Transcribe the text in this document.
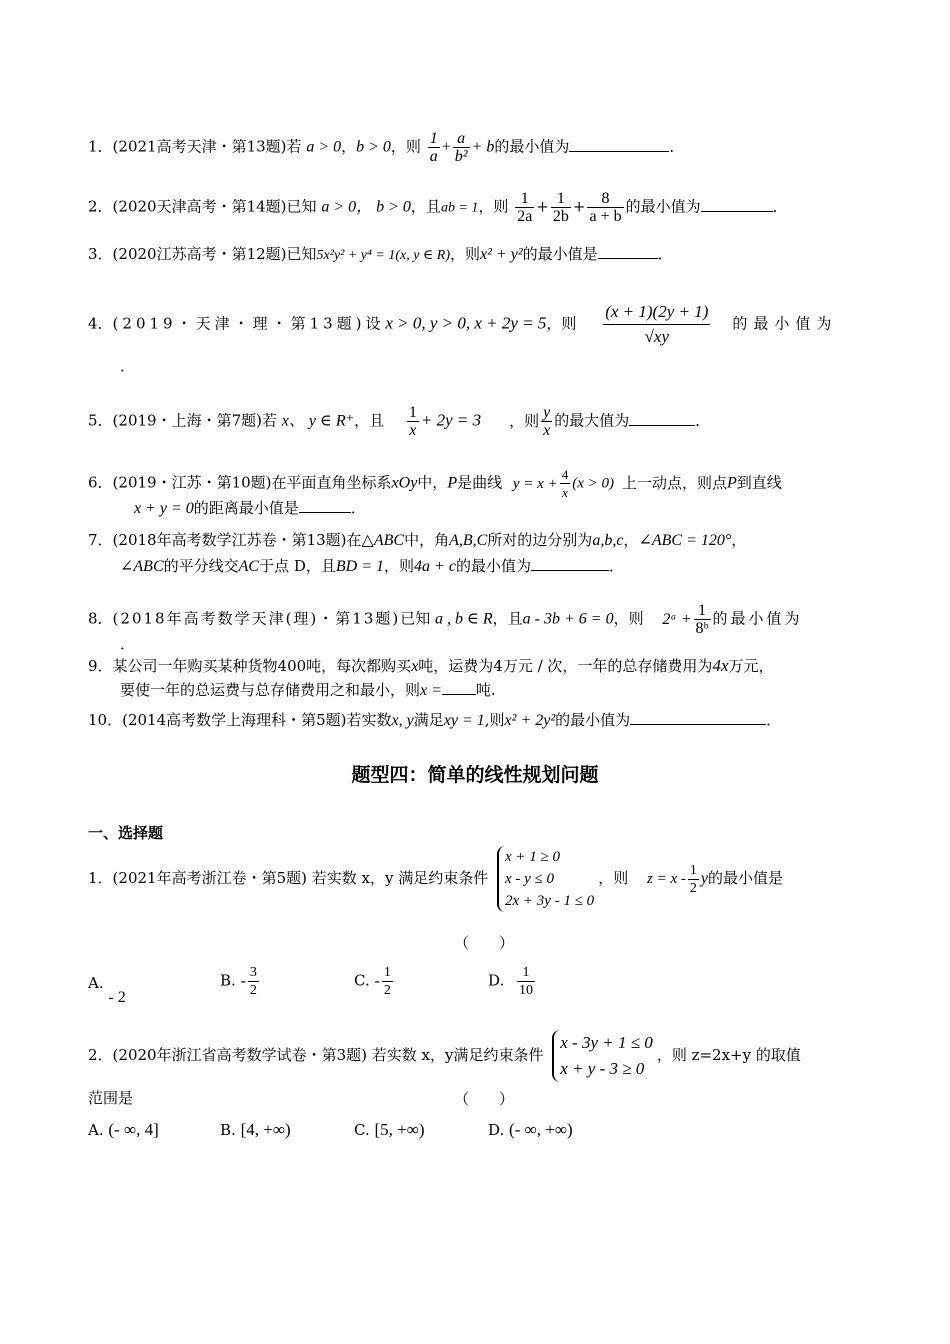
1．(2021高考天津・第13题)若 a > 0，b > 0，则 $\frac{1}{a} + \frac{a}{\text{b²}} + b$的最小值为	．
2．(2020天津高考・第14题)已知 a > 0， b > 0，且ab = 1，则 $\frac{1}{2a} + \frac{1}{2b} + \frac{8}{a + b}$ 的最小值为	．
3．(2020江苏高考・第12题)已知5x²y² + y⁴ = 1(x, y ∈ R)，则x² + y²的最小值是	．
4．(2019・天津・理・第13题)设 x > 0, y > 0, x + 2y = 5，则 $\frac{(x + 1)(2y + 1)}{√xy}$ 的最小值为
．
5．(2019・上海・第7题)若 x、 y ∈ R⁺，且 $\frac{1}{x} + 2y = 3$ ，则 $\frac{y}{x}$ 的最大值为	．
6．(2019・江苏・第10题)在平面直角坐标系xOy中，P是曲线 $y = x + \frac{4}{x} (x > 0)$ 上一动点，则点P到直线
x + y = 0的距离最小值是	．
7．(2018年高考数学江苏卷・第13题)在△ABC中，角A,B,C所对的边分别为a,b,c，∠ABC = 120°，
∠ABC的平分线交AC于点 D，且BD = 1，则4a + c的最小值为	．
8．(2018年高考数学天津(理)・第13题)已知 a , b ∈ R，且a - 3b + 6 = 0，则 2ᵃ + $\frac{1}{\text{8ᵇ}}$ 的最小值为
．
9．某公司一年购买某种货物400吨，每次都购买x吨，运费为4万元 / 次，一年的总存储费用为4x万元，
要使一年的总运费与总存储费用之和最小，则x = 吨.
10．(2014高考数学上海理科・第5题)若实数x, y满足xy = 1,则x² + 2y²的最小值为	．
题型四：简单的线性规划问题
一、选择题
1．(2021年高考浙江卷・第5题) 若实数 x，y 满足约束条件
x + 1 ≥ 0
x - y ≤ 0
2x + 3y - 1 ≤ 0
，则 $z = x - \frac{1}{2}$ y的最小值是
（　　）
A. - 2
B. - $\frac{3}{2}$	C. - $\frac{1}{2}$	D. $\frac{1}{10}$
2．(2020年浙江省高考数学试卷・第3题) 若实数 x，y满足约束条件
x - 3y + 1 ≤ 0
x + y - 3 ≥ 0
，则 z=2x+y 的取值
范围是	（　　）
A. (- ∞, 4]	B. [4, +∞)	C. [5, +∞)	D. (- ∞, +∞)
